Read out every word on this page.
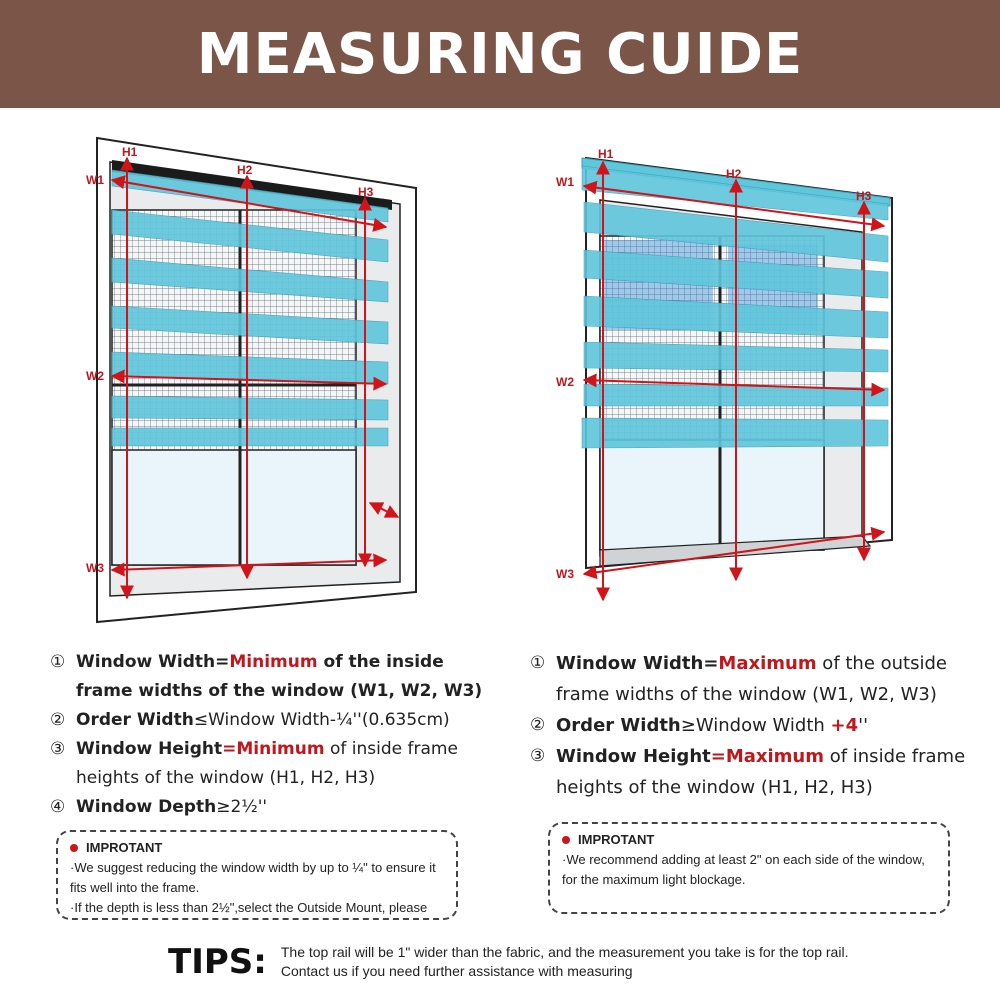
MEASURING CUIDE
W1
W2
W3
H1
H2
H3
W1
W2
W3
H1
H2
H3
① Window Width=Minimum of the inside frame widths of the window (W1, W2, W3)
② Order Width≤Window Width-¼''(0.635cm)
③ Window Height=Minimum of inside frame heights of the window (H1, H2, H3)
④ Window Depth≥2½''
IMPROTANT
·We suggest reducing the window width by up to ¼" to ensure it fits well into the frame.
·If the depth is less than 2½",select the Outside Mount, please
① Window Width=Maximum of the outside frame widths of the window (W1, W2, W3)
② Order Width≥Window Width +4''
③ Window Height=Maximum of inside frame heights of the window (H1, H2, H3)
IMPROTANT
·We recommend adding at least 2" on each side of the window, for the maximum light blockage.
TIPS: The top rail will be 1" wider than the fabric, and the measurement you take is for the top rail.
Contact us if you need further assistance with measuring
